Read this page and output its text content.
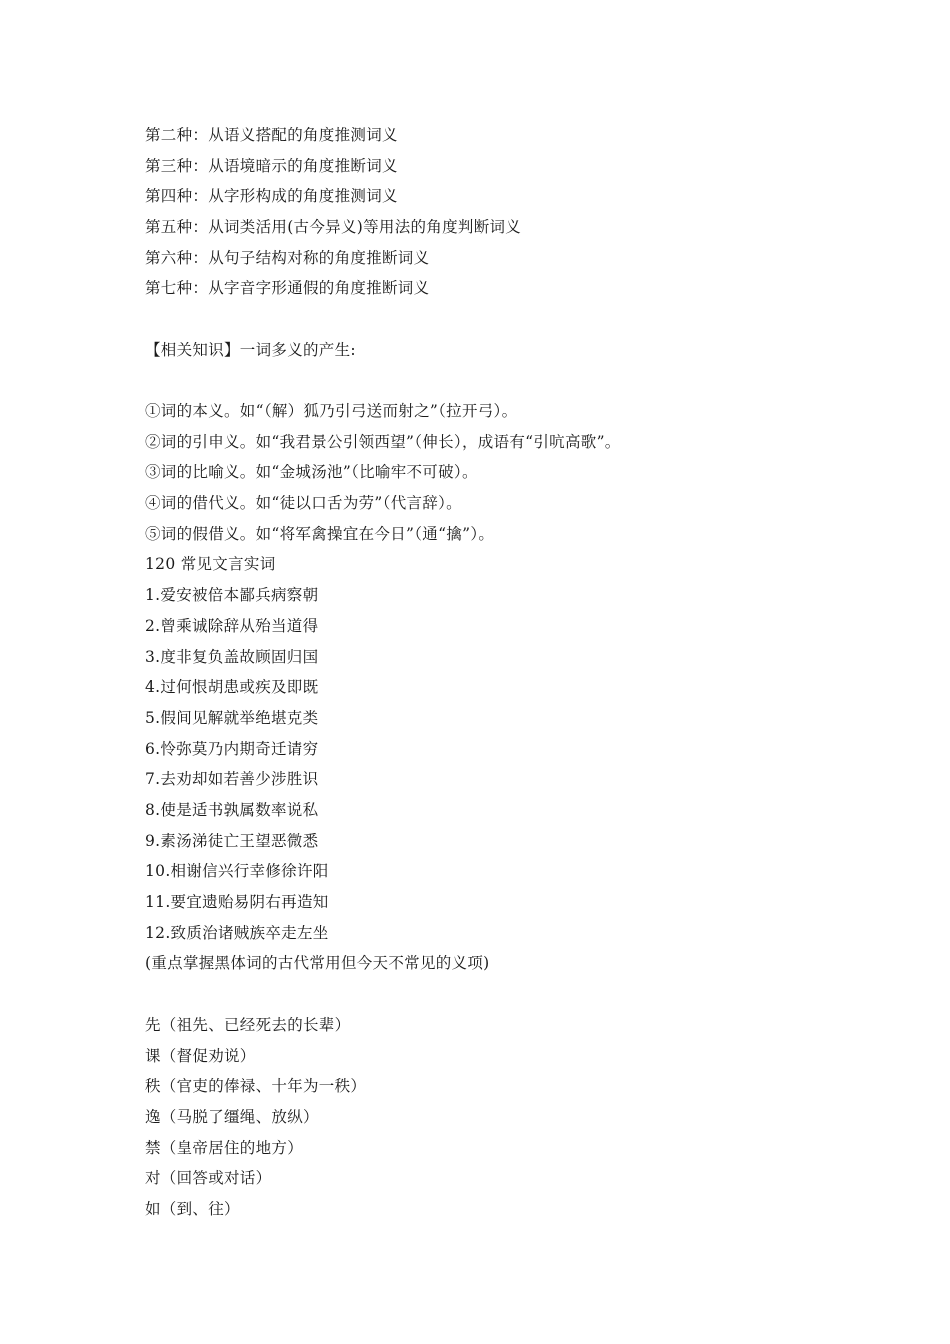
第二种：从语义搭配的角度推测词义
第三种：从语境暗示的角度推断词义
第四种：从字形构成的角度推测词义
第五种：从词类活用(古今异义)等用法的角度判断词义
第六种：从句子结构对称的角度推断词义
第七种：从字音字形通假的角度推断词义
【相关知识】一词多义的产生:
①词的本义。如“（解）狐乃引弓送而射之”（拉开弓）。
②词的引申义。如“我君景公引领西望”（伸长），成语有“引吭高歌”。
③词的比喻义。如“金城汤池”（比喻牢不可破）。
④词的借代义。如“徒以口舌为劳”（代言辞）。
⑤词的假借义。如“将军禽操宜在今日”（通“擒”）。
120 常见文言实词
1.爱安被倍本鄙兵病察朝
2.曾乘诚除辞从殆当道得
3.度非复负盖故顾固归国
4.过何恨胡患或疾及即既
5.假间见解就举绝堪克类
6.怜弥莫乃内期奇迁请穷
7.去劝却如若善少涉胜识
8.使是适书孰属数率说私
9.素汤涕徒亡王望恶微悉
10.相谢信兴行幸修徐许阳
11.要宜遗贻易阴右再造知
12.致质治诸贼族卒走左坐
(重点掌握黑体词的古代常用但今天不常见的义项)
先（祖先、已经死去的长辈）
课（督促劝说）
秩（官吏的俸禄、十年为一秩）
逸（马脱了缰绳、放纵）
禁（皇帝居住的地方）
对（回答或对话）
如（到、往）
